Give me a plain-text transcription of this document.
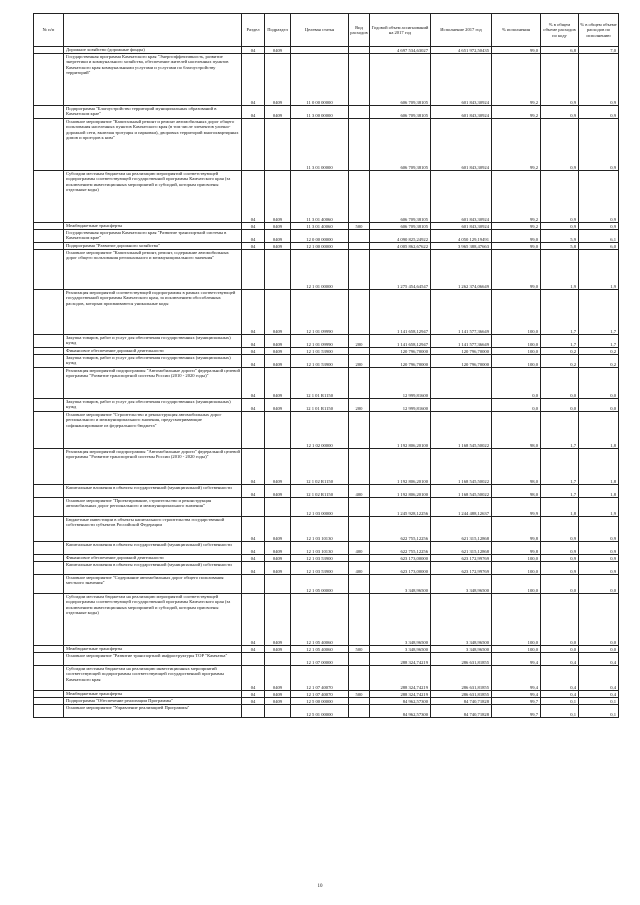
№ п/п		Раздел	Подраздел	Целевая статья	Вид расходов	Годовой объем ассигнований на 2017 год	Исполнение 2017 год	% исполнения	% в общем объеме расходов по коду	% в общем объеме расходов по исполнению
	Дорожное хозяйство (дорожные фонды)	04	0409			4 697 534,63027	4 651 972,50435	99,0	6,8	7,0
	Государственная программа Камчатского края "Энергоэффективность, развитие энергетики и коммунального хозяйства, обеспечение жителей населенных пунктов Камчатского края коммунальными услугами и услугами по благоустройству территорий"	04	0409	11 0 00 00000		606 709,38105	601 843,30924	99,2	0,9	0,9
	Подпрограмма "Благоустройство территорий муниципальных образований в Камчатском крае"	04	0409	11 3 00 00000		606 709,38105	601 843,30924	99,2	0,9	0,9
	Основное мероприятие "Капитальный ремонт и ремонт автомобильных дорог общего пользования населенных пунктов Камчатского края (в том числе элементов улично-дорожной сети, включая тротуары и парковки), дворовых территорий многоквартирных домов и проездов к ним"			11 3 01 00000		606 709,38105	601 843,30924	99,2	0,9	0,9
	Субсидии местным бюджетам на реализацию мероприятий соответствующей подпрограммы соответствующей государственной программы Камчатского края (за исключением инвестиционных мероприятий и субсидий, которым присвоены отдельные коды)	04	0409	11 3 01 40060		606 709,38105	601 843,30924	99,2	0,9	0,9
	Межбюджетные трансферты	04	0409	11 3 01 40060	500	606 709,38105	601 843,30924	99,2	0,9	0,9
	Государственная программа Камчатского края "Развитие транспортной системы в Камчатском крае"	04	0409	12 0 00 00000		4 090 825,24922	4 050 129,19491	99,0	5,9	6,1
	Подпрограмма "Развитие дорожного хозяйства"	04	0409	12 1 00 00000		4 005 862,67622	3 965 388,47663	99,0	5,8	6,0
	Основное мероприятие "Капитальный ремонт, ремонт, содержание автомобильных дорог общего пользования регионального и межмуниципального значения"			12 1 01 00000		1 275 454,64547	1 262 374,06649	99,0	1,9	1,9
	Реализация мероприятий соответствующей подпрограммы в рамках соответствующей государственной программы Камчатского края, за исключением обособленных расходов, которым присваиваются уникальные коды	04	0409	12 1 01 09990		1 141 658,12947	1 141 577,36649	100,0	1,7	1,7
	Закупка товаров, работ и услуг для обеспечения государственных (муниципальных) нужд	04	0409	12 1 01 09990	200	1 141 658,12947	1 141 577,36649	100,0	1,7	1,7
	Финансовое обеспечение дорожной деятельности	04	0409	12 1 01 53900		120 796,70000	120 796,70000	100,0	0,2	0,2
	Закупка товаров, работ и услуг для обеспечения государственных (муниципальных) нужд	04	0409	12 1 01 53900	200	120 796,70000	120 796,70000	100,0	0,2	0,2
	Реализация мероприятий подпрограммы "Автомобильные дороги" федеральной целевой программы "Развитие транспортной системы России (2010 - 2020 годы)"	04	0409	12 1 01 R1150		12 999,81600		0,0	0,0	0,0
	Закупка товаров, работ и услуг для обеспечения государственных (муниципальных) нужд	04	0409	12 1 01 R1150	200	12 999,81600		0,0	0,0	0,0
	Основное мероприятие "Строительство и реконструкция автомобильных дорог регионального и межмуниципального значения, предусматривающие софинансирование из федерального бюджета"			12 1 02 00000		1 192 806,20100	1 168 545,50022	98,0	1,7	1,8
	Реализация мероприятий подпрограммы "Автомобильные дороги" федеральной целевой программы "Развитие транспортной системы России (2010 - 2020 годы)"	04	0409	12 1 02 R1150		1 192 806,20100	1 168 545,50022	98,0	1,7	1,8
	Капитальные вложения в объекты государственной (муниципальной) собственности	04	0409	12 1 02 R1150	400	1 192 806,20100	1 168 545,50022	98,0	1,7	1,8
	Основное мероприятие "Проектирование, строительство и реконструкция автомобильных дорог регионального и межмуниципального значения"			12 1 03 00000		1 245 928,12256	1 244 488,12637	99,9	1,8	1,9
	Бюджетные инвестиции в объекты капитального строительства государственной собственности субъектов Российской Федерации	04	0409	12 1 03 10130		622 755,12256	621 315,12868	99,8	0,9	0,9
	Капитальные вложения в объекты государственной (муниципальной) собственности	04	0409	12 1 03 10130	400	622 755,12256	621 315,12868	99,8	0,9	0,9
	Финансовое обеспечение дорожной деятельности	04	0409	12 1 03 53900		623 173,00000	623 172,99769	100,0	0,9	0,9
	Капитальные вложения в объекты государственной (муниципальной) собственности	04	0409	12 1 03 53900	400	623 173,00000	623 172,99769	100,0	0,9	0,9
	Основное мероприятие "Содержание автомобильных дорог общего пользования местного значения"			12 1 05 00000		3 348,96500	3 348,96500	100,0	0,0	0,0
	Субсидии местным бюджетам на реализацию мероприятий соответствующей подпрограммы соответствующей государственной программы Камчатского края (за исключением инвестиционных мероприятий и субсидий, которым присвоены отдельные коды)	04	0409	12 1 05 40060		3 348,96500	3 348,96500	100,0	0,0	0,0
	Межбюджетные трансферты	04	0409	12 1 05 40060	500	3 348,96500	3 348,96500	100,0	0,0	0,0
	Основное мероприятие "Развитие транспортной инфраструктуры ТОР "Камчатка"			12 1 07 00000		288 324,74219	286 631,81855	99,4	0,4	0,4
	Субсидии местным бюджетам на реализацию инвестиционных мероприятий соответствующей подпрограммы соответствующей государственной программы Камчатского края	04	0409	12 1 07 40070		288 324,74219	286 631,81855	99,4	0,4	0,4
	Межбюджетные трансферты	04	0409	12 1 07 40070	500	288 324,74219	286 631,81855	99,4	0,4	0,4
	Подпрограмма "Обеспечение реализации Программы"	04	0409	12 5 00 00000		84 962,57300	84 740,71828	99,7	0,1	0,1
	Основное мероприятие "Управление реализацией Программы"			12 5 01 00000		84 962,57300	84 740,71828	99,7	0,1	0,1
10
